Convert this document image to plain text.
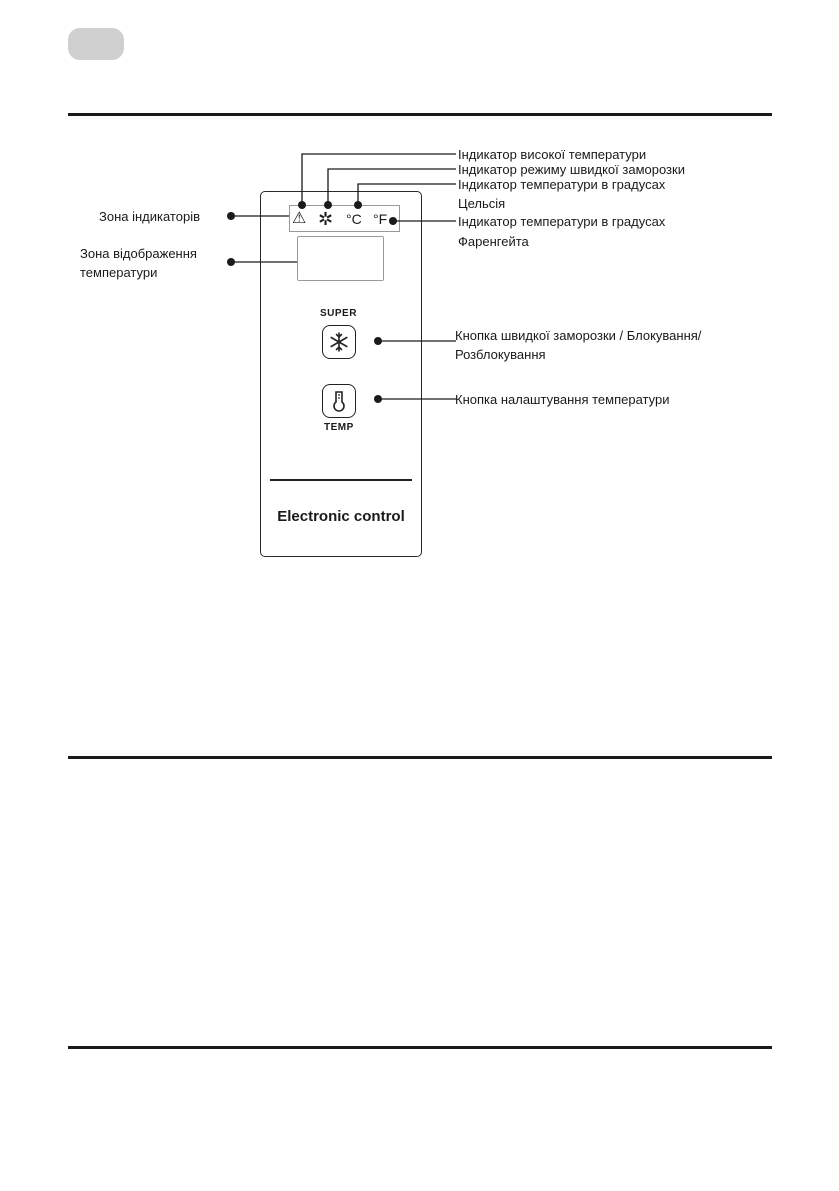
⚠ ✲ °C °F
SUPER
TEMP
Electronic control
Індикатор високої температури
Індикатор режиму швидкої заморозки
Індикатор температури в градусах
Цельсія
Індикатор температури в градусах
Фаренгейта
Зона індикаторів
Зона відображення
температури
Кнопка швидкої заморозки / Блокування/
Розблокування
Кнопка налаштування температури
